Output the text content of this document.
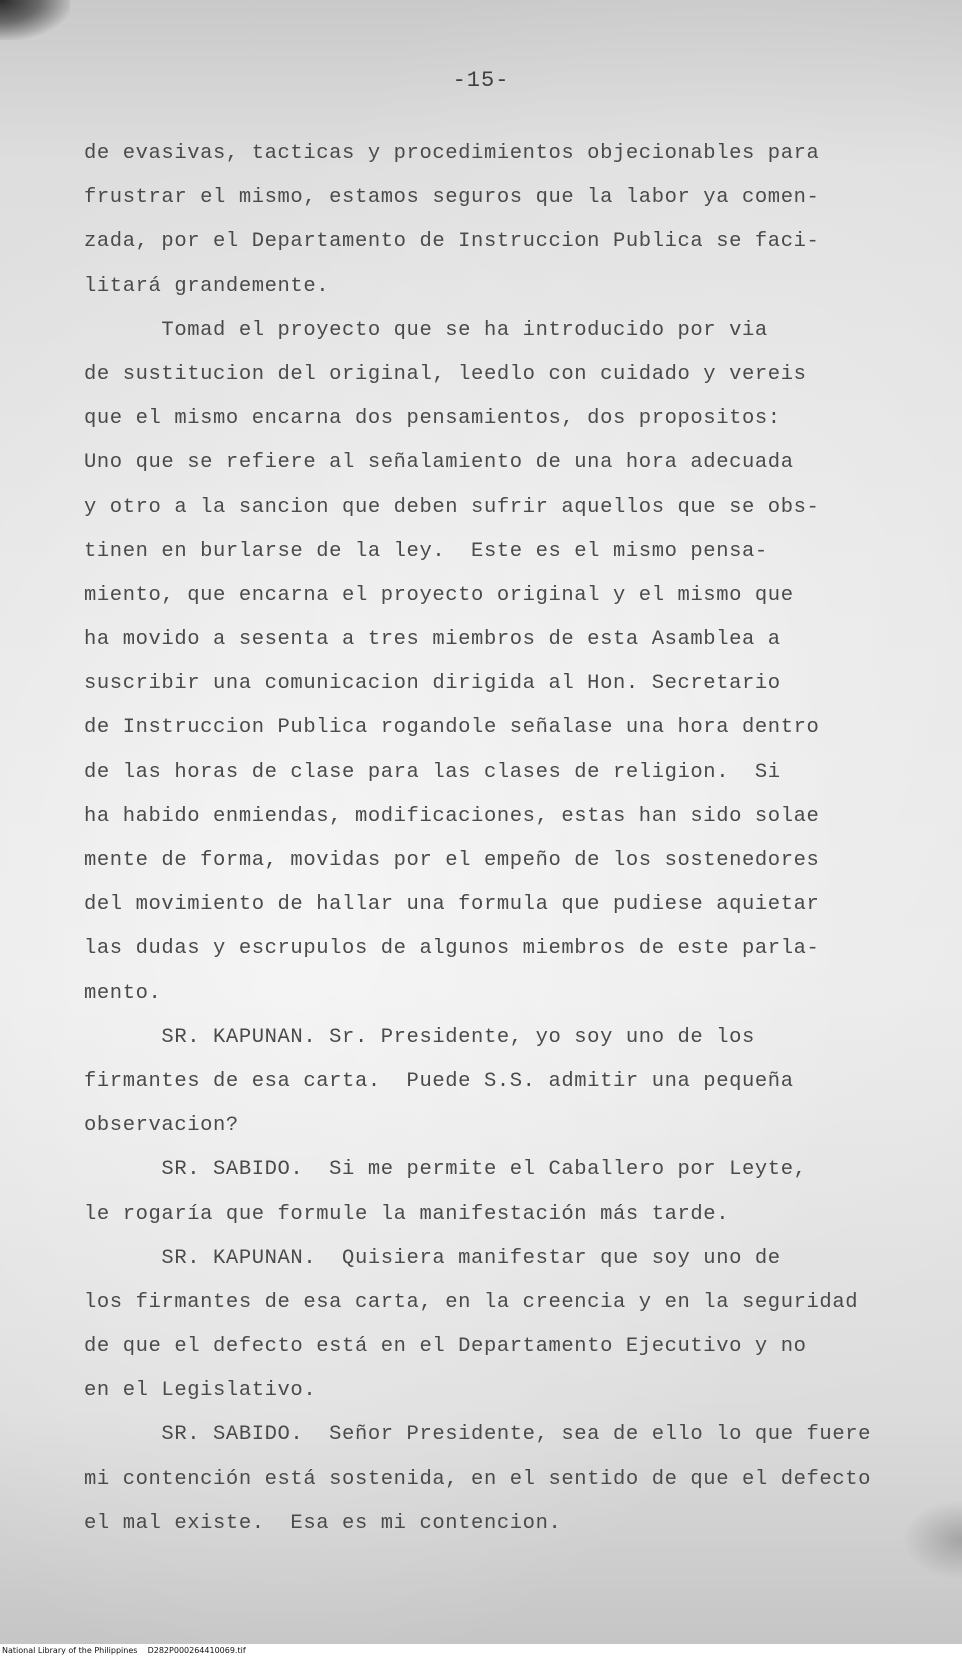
-15-
de evasivas, tacticas y procedimientos objecionables para
frustrar el mismo, estamos seguros que la labor ya comen-
zada, por el Departamento de Instruccion Publica se faci-
litará grandemente.
Tomad el proyecto que se ha introducido por via
de sustitucion del original, leedlo con cuidado y vereis
que el mismo encarna dos pensamientos, dos propositos:
Uno que se refiere al señalamiento de una hora adecuada
y otro a la sancion que deben sufrir aquellos que se obs-
tinen en burlarse de la ley.  Este es el mismo pensa-
miento, que encarna el proyecto original y el mismo que
ha movido a sesenta a tres miembros de esta Asamblea a
suscribir una comunicacion dirigida al Hon. Secretario
de Instruccion Publica rogandole señalase una hora dentro
de las horas de clase para las clases de religion.  Si
ha habido enmiendas, modificaciones, estas han sido solae
mente de forma, movidas por el empeño de los sostenedores
del movimiento de hallar una formula que pudiese aquietar
las dudas y escrupulos de algunos miembros de este parla-
mento.
SR. KAPUNAN. Sr. Presidente, yo soy uno de los
firmantes de esa carta.  Puede S.S. admitir una pequeña
observacion?
SR. SABIDO.  Si me permite el Caballero por Leyte,
le rogaría que formule la manifestación más tarde.
SR. KAPUNAN.  Quisiera manifestar que soy uno de
los firmantes de esa carta, en la creencia y en la seguridad
de que el defecto está en el Departamento Ejecutivo y no
en el Legislativo.
SR. SABIDO.  Señor Presidente, sea de ello lo que fuere
mi contención está sostenida, en el sentido de que el defecto
el mal existe.  Esa es mi contencion.
National Library of the Philippines    D282P000264410069.tif
